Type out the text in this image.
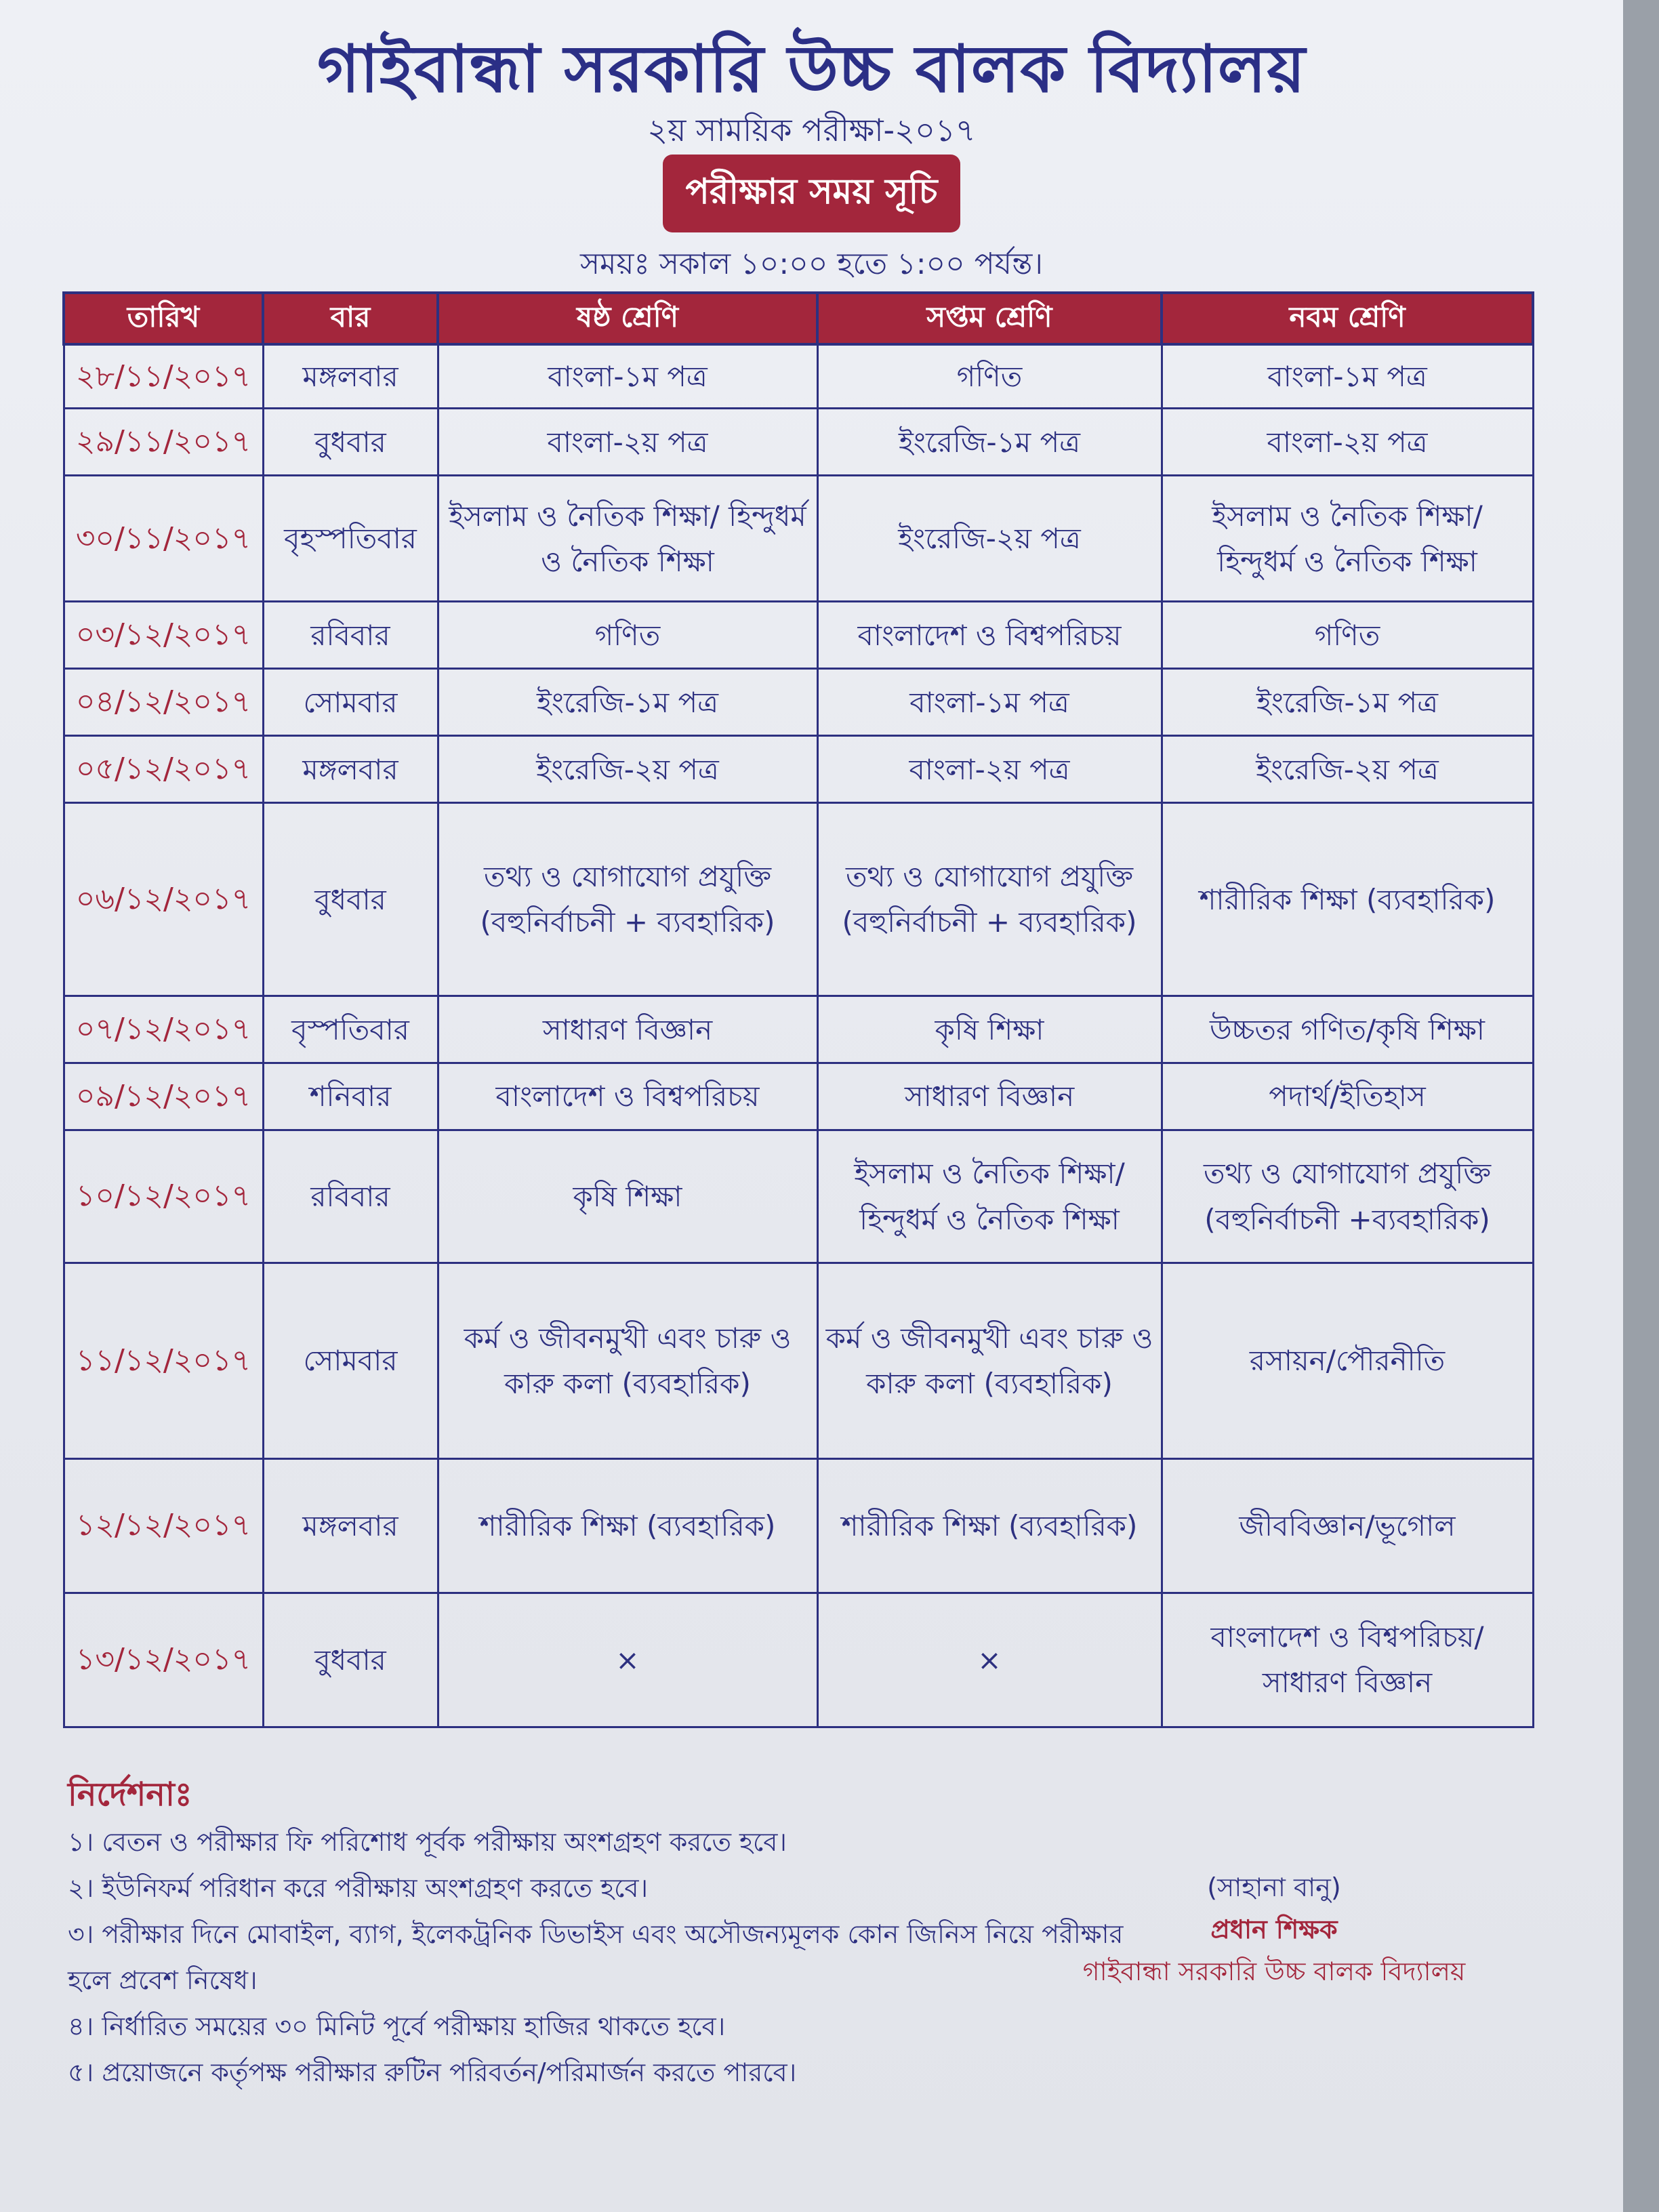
গাইবান্ধা সরকারি উচ্চ বালক বিদ্যালয়
২য় সাময়িক পরীক্ষা-২০১৭
পরীক্ষার সময় সূচি
সময়ঃ সকাল ১০:০০ হতে ১:০০ পর্যন্ত।
তারিখ	বার	ষষ্ঠ শ্রেণি	সপ্তম শ্রেণি	নবম শ্রেণি
২৮/১১/২০১৭	মঙ্গলবার	বাংলা-১ম পত্র	গণিত	বাংলা-১ম পত্র
২৯/১১/২০১৭	বুধবার	বাংলা-২য় পত্র	ইংরেজি-১ম পত্র	বাংলা-২য় পত্র
৩০/১১/২০১৭	বৃহস্পতিবার	ইসলাম ও নৈতিক শিক্ষা/ হিন্দুধর্ম ও নৈতিক শিক্ষা	ইংরেজি-২য় পত্র	ইসলাম ও নৈতিক শিক্ষা/ হিন্দুধর্ম ও নৈতিক শিক্ষা
০৩/১২/২০১৭	রবিবার	গণিত	বাংলাদেশ ও বিশ্বপরিচয়	গণিত
০৪/১২/২০১৭	সোমবার	ইংরেজি-১ম পত্র	বাংলা-১ম পত্র	ইংরেজি-১ম পত্র
০৫/১২/২০১৭	মঙ্গলবার	ইংরেজি-২য় পত্র	বাংলা-২য় পত্র	ইংরেজি-২য় পত্র
০৬/১২/২০১৭	বুধবার	তথ্য ও যোগাযোগ প্রযুক্তি (বহুনির্বাচনী + ব্যবহারিক)	তথ্য ও যোগাযোগ প্রযুক্তি (বহুনির্বাচনী + ব্যবহারিক)	শারীরিক শিক্ষা (ব্যবহারিক)
০৭/১২/২০১৭	বৃস্পতিবার	সাধারণ বিজ্ঞান	কৃষি শিক্ষা	উচ্চতর গণিত/কৃষি শিক্ষা
০৯/১২/২০১৭	শনিবার	বাংলাদেশ ও বিশ্বপরিচয়	সাধারণ বিজ্ঞান	পদার্থ/ইতিহাস
১০/১২/২০১৭	রবিবার	কৃষি শিক্ষা	ইসলাম ও নৈতিক শিক্ষা/ হিন্দুধর্ম ও নৈতিক শিক্ষা	তথ্য ও যোগাযোগ প্রযুক্তি (বহুনির্বাচনী +ব্যবহারিক)
১১/১২/২০১৭	সোমবার	কর্ম ও জীবনমুখী এবং চারু ও কারু কলা (ব্যবহারিক)	কর্ম ও জীবনমুখী এবং চারু ও কারু কলা (ব্যবহারিক)	রসায়ন/পৌরনীতি
১২/১২/২০১৭	মঙ্গলবার	শারীরিক শিক্ষা (ব্যবহারিক)	শারীরিক শিক্ষা (ব্যবহারিক)	জীববিজ্ঞান/ভূগোল
১৩/১২/২০১৭	বুধবার	×	×	বাংলাদেশ ও বিশ্বপরিচয়/ সাধারণ বিজ্ঞান
নির্দেশনাঃ
১। বেতন ও পরীক্ষার ফি পরিশোধ পূর্বক পরীক্ষায় অংশগ্রহণ করতে হবে।
২। ইউনিফর্ম পরিধান করে পরীক্ষায় অংশগ্রহণ করতে হবে।
৩। পরীক্ষার দিনে মোবাইল, ব্যাগ, ইলেকট্রনিক ডিভাইস এবং অসৌজন্যমূলক কোন জিনিস নিয়ে পরীক্ষার হলে প্রবেশ নিষেধ।
৪। নির্ধারিত সময়ের ৩০ মিনিট পূর্বে পরীক্ষায় হাজির থাকতে হবে।
৫। প্রয়োজনে কর্তৃপক্ষ পরীক্ষার রুটিন পরিবর্তন/পরিমার্জন করতে পারবে।
(সাহানা বানু)
প্রধান শিক্ষক
গাইবান্ধা সরকারি উচ্চ বালক বিদ্যালয়
